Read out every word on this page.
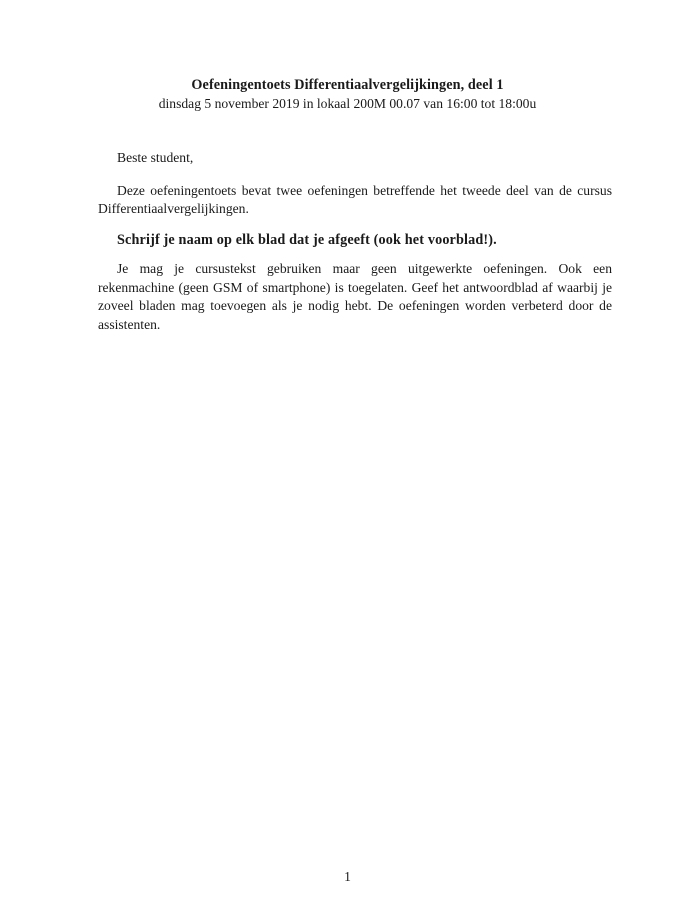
Oefeningentoets Differentiaalvergelijkingen, deel 1
dinsdag 5 november 2019 in lokaal 200M 00.07 van 16:00 tot 18:00u

Beste student,

Deze oefeningentoets bevat twee oefeningen betreffende het tweede deel van de cursus Differentiaalvergelijkingen.

Schrijf je naam op elk blad dat je afgeeft (ook het voorblad!).

Je mag je cursustekst gebruiken maar geen uitgewerkte oefeningen. Ook een rekenmachine (geen GSM of smartphone) is toegelaten. Geef het antwoordblad af waarbij je zoveel bladen mag toevoegen als je nodig hebt. De oefeningen worden verbeterd door de assistenten.

1
